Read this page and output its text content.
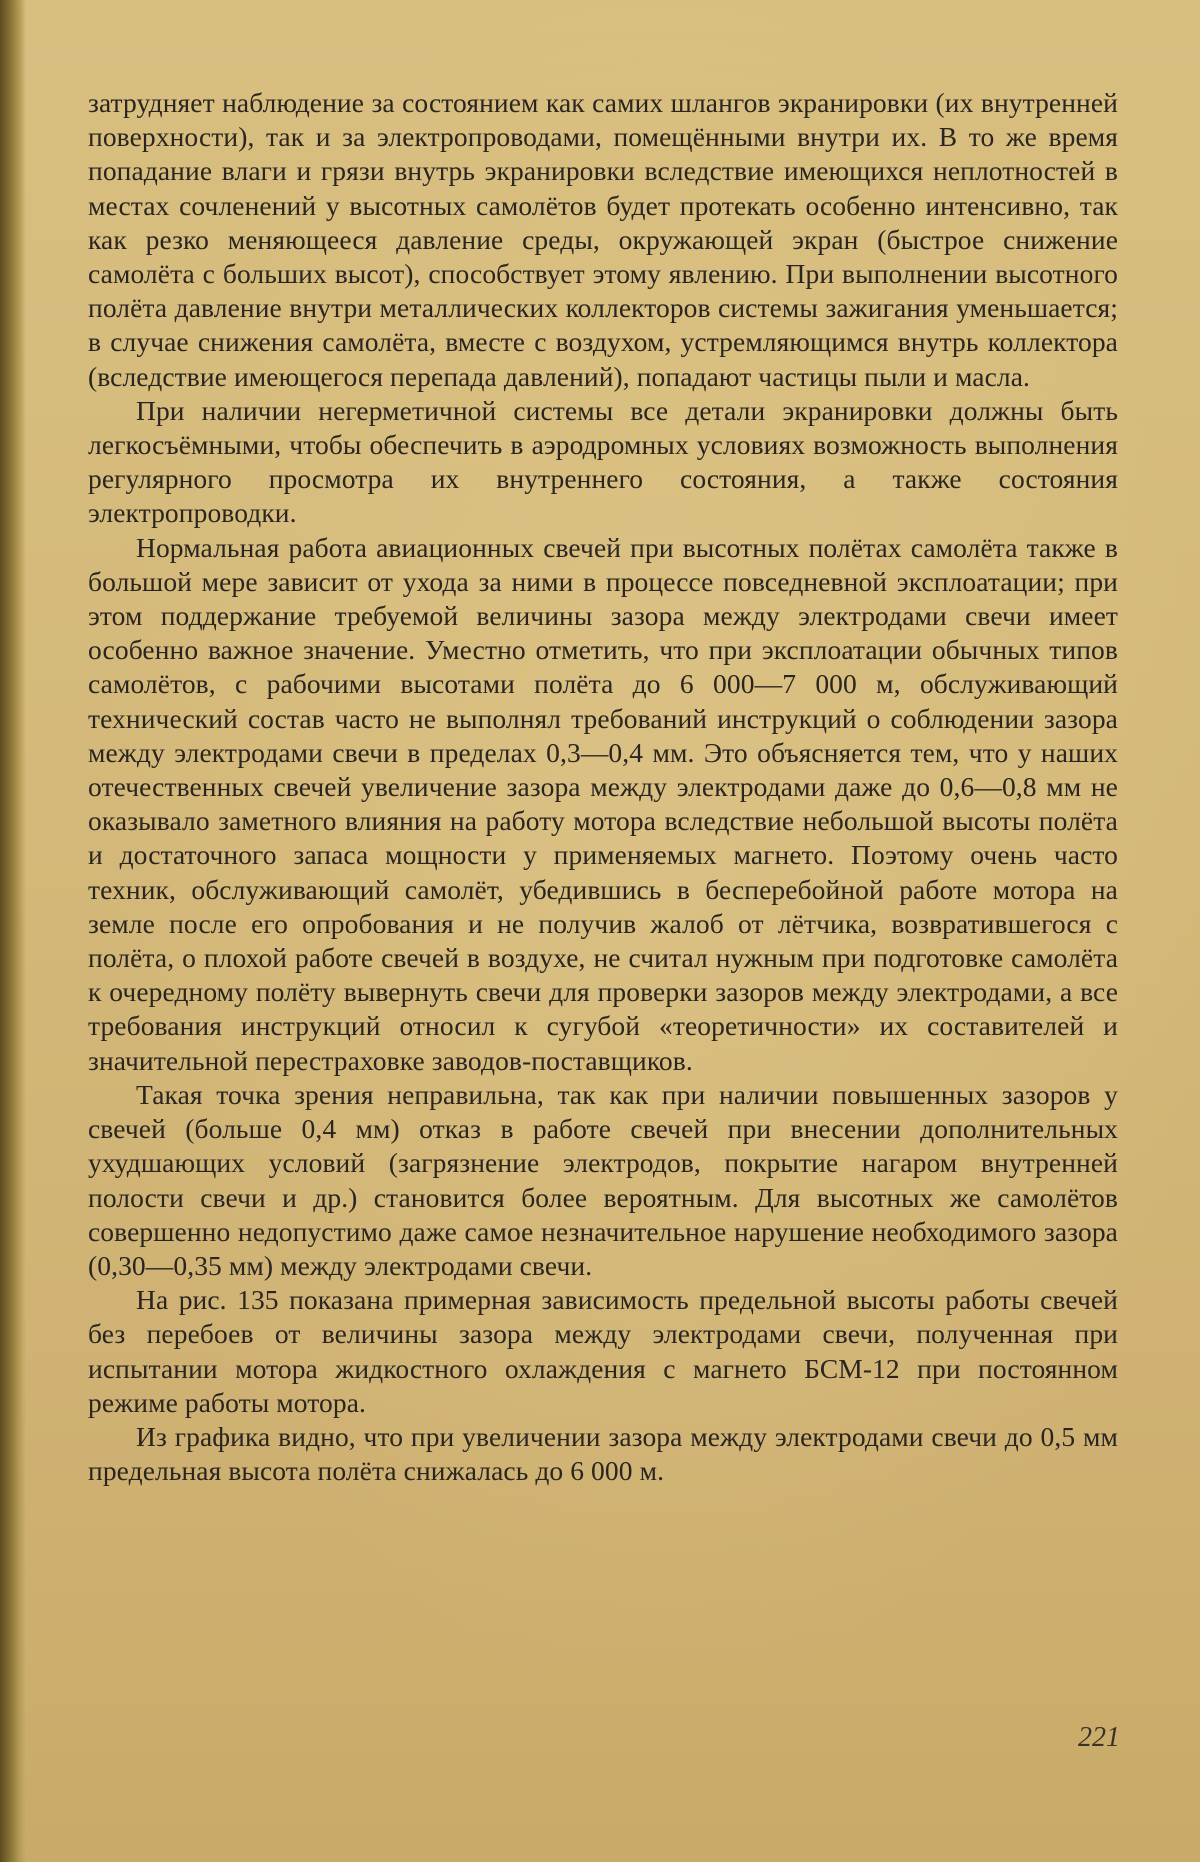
затрудняет наблюдение за состоянием как самих шлангов экранировки (их внутренней поверхности), так и за электропроводами, помещёнными внутри их. В то же время попадание влаги и грязи внутрь экранировки вследствие имеющихся неплотностей в местах сочленений у высотных самолётов будет протекать особенно интенсивно, так как резко меняющееся давление среды, окружающей экран (быстрое снижение самолёта с больших высот), способствует этому явлению. При выполнении высотного полёта давление внутри металлических коллекторов системы зажигания уменьшается; в случае снижения самолёта, вместе с воздухом, устремляющимся внутрь коллектора (вследствие имеющегося перепада давлений), попадают частицы пыли и масла.

При наличии негерметичной системы все детали экранировки должны быть легкосъёмными, чтобы обеспечить в аэродромных условиях возможность выполнения регулярного просмотра их внутреннего состояния, а также состояния электропроводки.

Нормальная работа авиационных свечей при высотных полётах самолёта также в большой мере зависит от ухода за ними в процессе повседневной эксплоатации; при этом поддержание требуемой величины зазора между электродами свечи имеет особенно важное значение. Уместно отметить, что при эксплоатации обычных типов самолётов, с рабочими высотами полёта до 6 000—7 000 м, обслуживающий технический состав часто не выполнял требований инструкций о соблюдении зазора между электродами свечи в пределах 0,3—0,4 мм. Это объясняется тем, что у наших отечественных свечей увеличение зазора между электродами даже до 0,6—0,8 мм не оказывало заметного влияния на работу мотора вследствие небольшой высоты полёта и достаточного запаса мощности у применяемых магнето. Поэтому очень часто техник, обслуживающий самолёт, убедившись в бесперебойной работе мотора на земле после его опробования и не получив жалоб от лётчика, возвратившегося с полёта, о плохой работе свечей в воздухе, не считал нужным при подготовке самолёта к очередному полёту вывернуть свечи для проверки зазоров между электродами, а все требования инструкций относил к сугубой «теоретичности» их составителей и значительной перестраховке заводов-поставщиков.

Такая точка зрения неправильна, так как при наличии повышенных зазоров у свечей (больше 0,4 мм) отказ в работе свечей при внесении дополнительных ухудшающих условий (загрязнение электродов, покрытие нагаром внутренней полости свечи и др.) становится более вероятным. Для высотных же самолётов совершенно недопустимо даже самое незначительное нарушение необходимого зазора (0,30—0,35 мм) между электродами свечи.

На рис. 135 показана примерная зависимость предельной высоты работы свечей без перебоев от величины зазора между электродами свечи, полученная при испытании мотора жидкостного охлаждения с магнето БСМ-12 при постоянном режиме работы мотора.

Из графика видно, что при увеличении зазора между электродами свечи до 0,5 мм предельная высота полёта снижалась до 6 000 м.

221
